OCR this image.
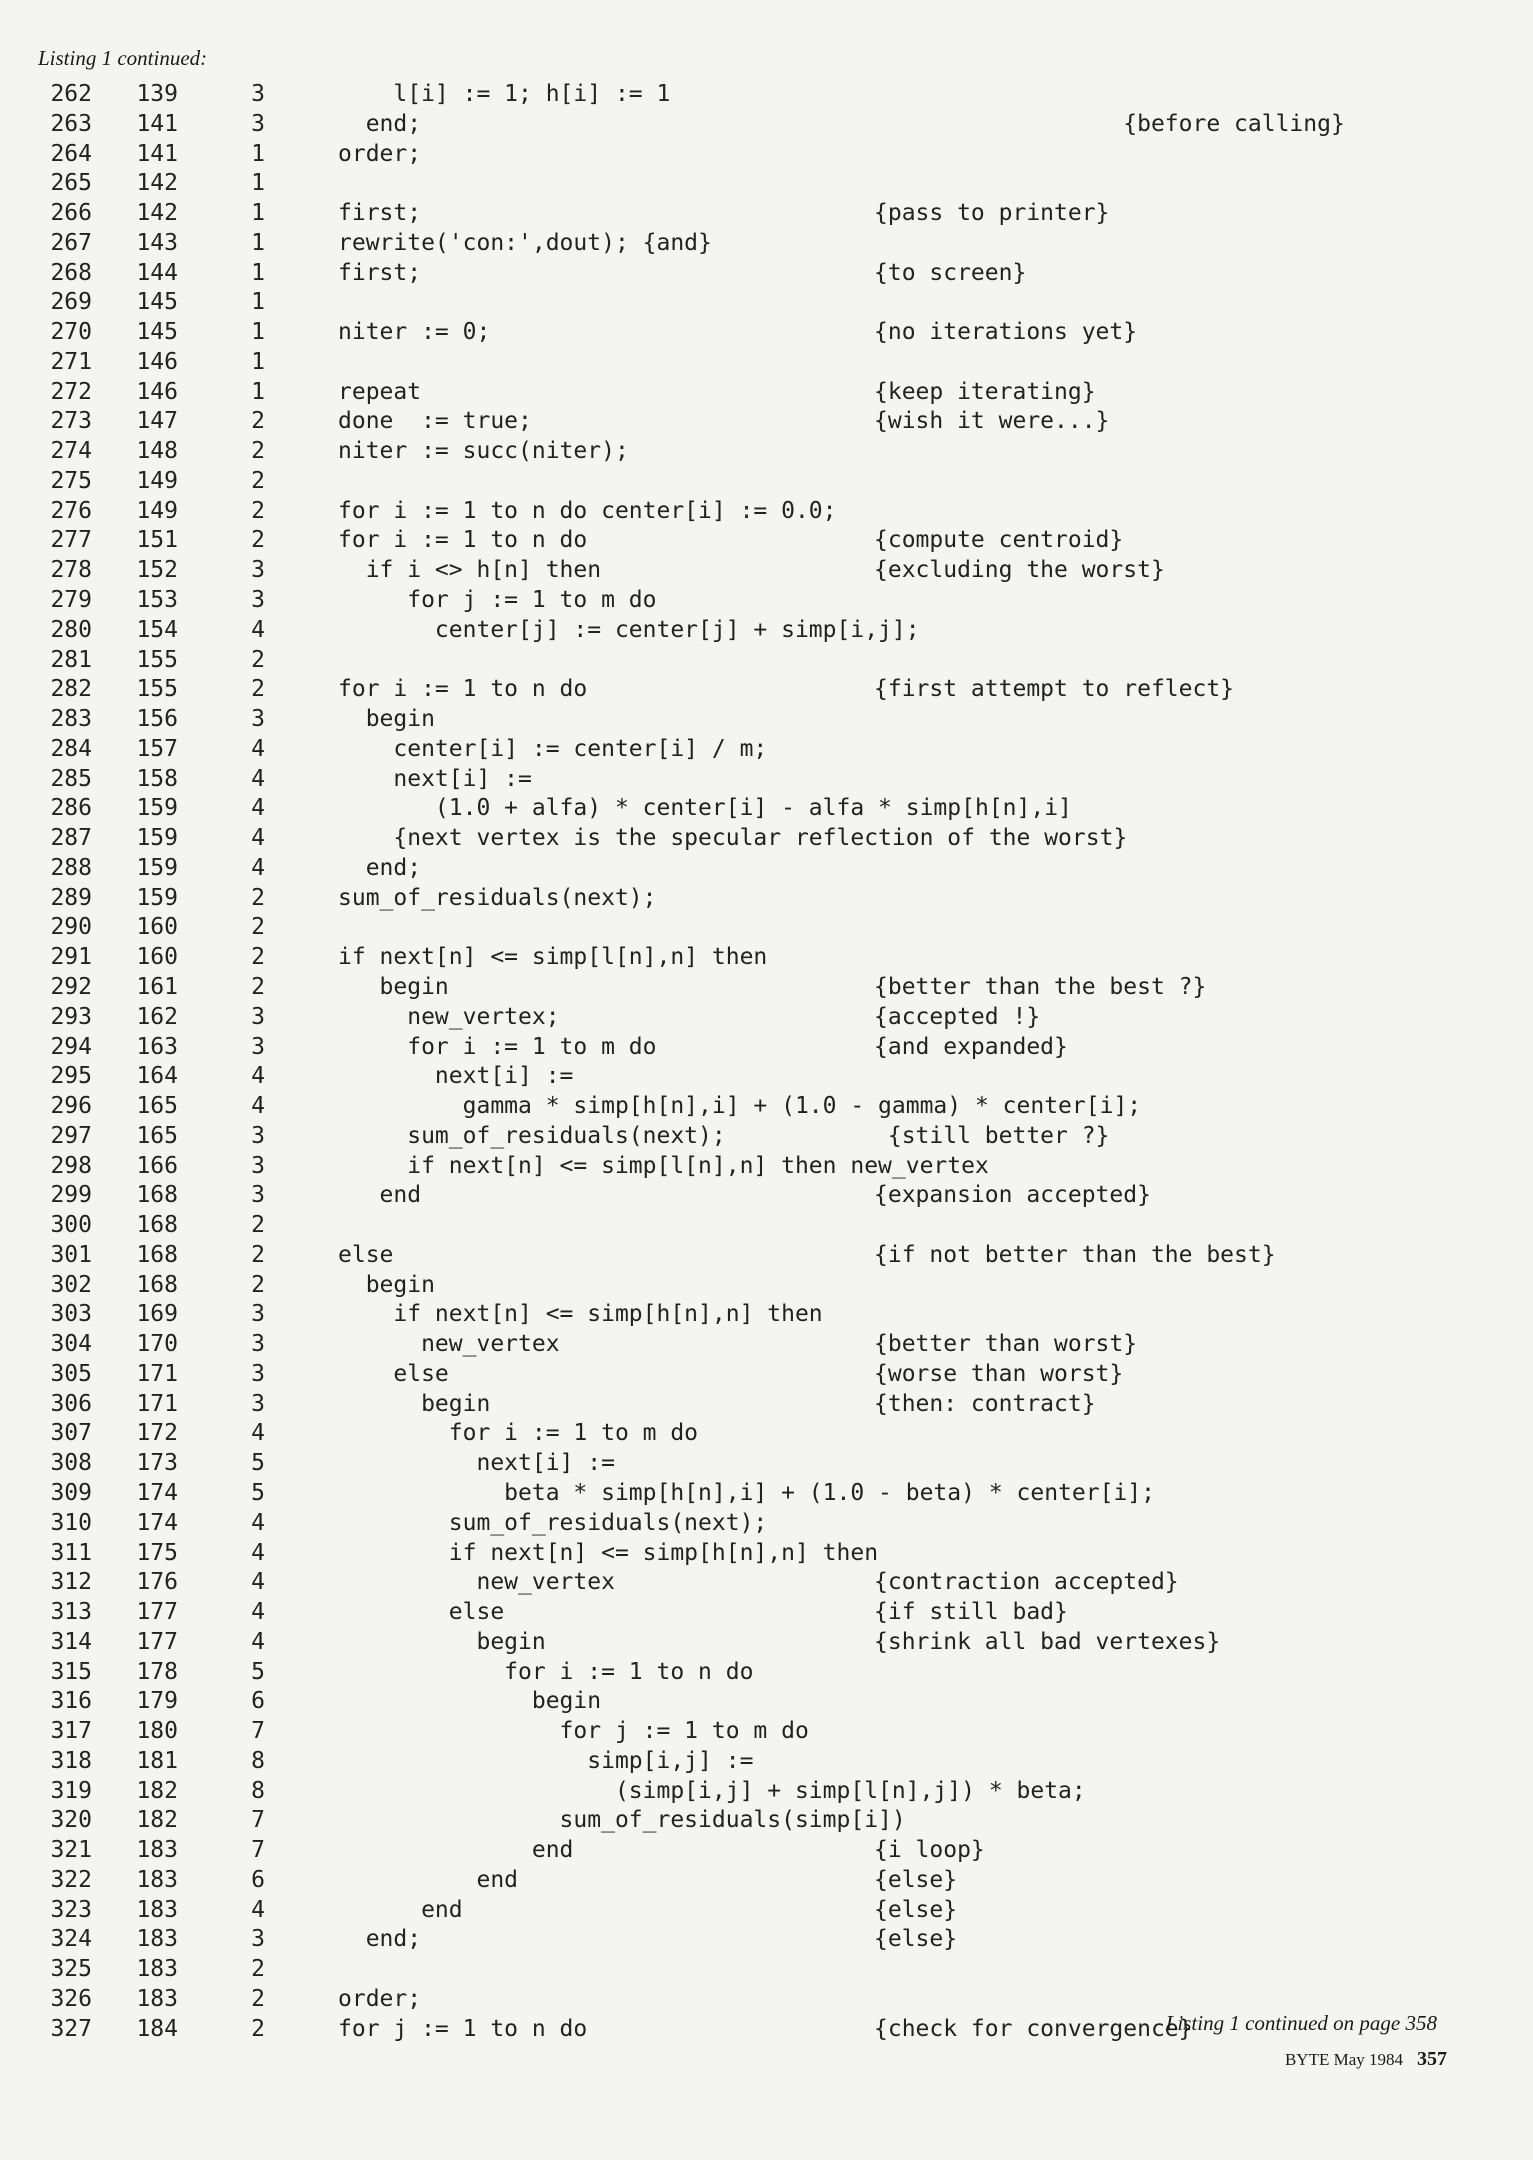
Listing 1 continued:
262	139	3	l[i] := 1; h[i] := 1
263	141	3	end;	{before calling}
264	141	1	order;
265	142	1
266	142	1	first;	{pass to printer}
267	143	1	rewrite('con:',dout); {and}
268	144	1	first;	{to screen}
269	145	1
270	145	1	niter := 0;	{no iterations yet}
271	146	1
272	146	1	repeat	{keep iterating}
273	147	2	done  := true;	{wish it were...}
274	148	2	niter := succ(niter);
275	149	2
276	149	2	for i := 1 to n do center[i] := 0.0;
277	151	2	for i := 1 to n do	{compute centroid}
278	152	3	if i <> h[n] then	{excluding the worst}
279	153	3	for j := 1 to m do
280	154	4	center[j] := center[j] + simp[i,j];
281	155	2
282	155	2	for i := 1 to n do	{first attempt to reflect}
283	156	3	begin
284	157	4	center[i] := center[i] / m;
285	158	4	next[i] :=
286	159	4	(1.0 + alfa) * center[i] - alfa * simp[h[n],i]
287	159	4	{next vertex is the specular reflection of the worst}
288	159	4	end;
289	159	2	sum_of_residuals(next);
290	160	2
291	160	2	if next[n] <= simp[l[n],n] then
292	161	2	begin	{better than the best ?}
293	162	3	new_vertex;	{accepted !}
294	163	3	for i := 1 to m do	{and expanded}
295	164	4	next[i] :=
296	165	4	gamma * simp[h[n],i] + (1.0 - gamma) * center[i];
297	165	3	sum_of_residuals(next);	{still better ?}
298	166	3	if next[n] <= simp[l[n],n] then new_vertex
299	168	3	end	{expansion accepted}
300	168	2
301	168	2	else	{if not better than the best}
302	168	2	begin
303	169	3	if next[n] <= simp[h[n],n] then
304	170	3	new_vertex	{better than worst}
305	171	3	else	{worse than worst}
306	171	3	begin	{then: contract}
307	172	4	for i := 1 to m do
308	173	5	next[i] :=
309	174	5	beta * simp[h[n],i] + (1.0 - beta) * center[i];
310	174	4	sum_of_residuals(next);
311	175	4	if next[n] <= simp[h[n],n] then
312	176	4	new_vertex	{contraction accepted}
313	177	4	else	{if still bad}
314	177	4	begin	{shrink all bad vertexes}
315	178	5	for i := 1 to n do
316	179	6	begin
317	180	7	for j := 1 to m do
318	181	8	simp[i,j] :=
319	182	8	(simp[i,j] + simp[l[n],j]) * beta;
320	182	7	sum_of_residuals(simp[i])
321	183	7	end	{i loop}
322	183	6	end	{else}
323	183	4	end	{else}
324	183	3	end;	{else}
325	183	2
326	183	2	order;
327	184	2	for j := 1 to n do	{check for convergence}
Listing 1 continued on page 358
BYTE May 1984 357
